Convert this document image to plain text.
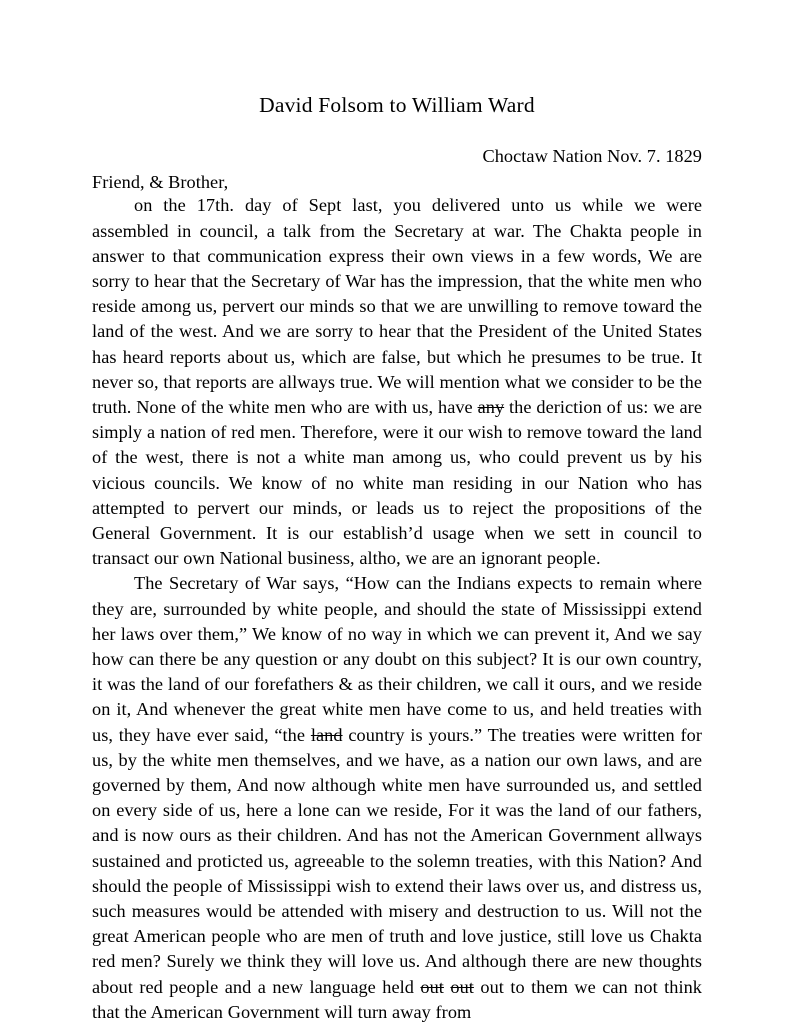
David Folsom to William Ward
Choctaw Nation Nov. 7. 1829
Friend, & Brother,

on the 17th. day of Sept last, you delivered unto us while we were assembled in council, a talk from the Secretary at war. The Chakta people in answer to that communication express their own views in a few words, We are sorry to hear that the Secretary of War has the impression, that the white men who reside among us, pervert our minds so that we are unwilling to remove toward the land of the west. And we are sorry to hear that the President of the United States has heard reports about us, which are false, but which he presumes to be true. It never so, that reports are allways true. We will mention what we consider to be the truth. None of the white men who are with us, have any the deriction of us: we are simply a nation of red men. Therefore, were it our wish to remove toward the land of the west, there is not a white man among us, who could prevent us by his vicious councils. We know of no white man residing in our Nation who has attempted to pervert our minds, or leads us to reject the propositions of the General Government. It is our establish’d usage when we sett in council to transact our own National business, altho, we are an ignorant people.

The Secretary of War says, “How can the Indians expects to remain where they are, surrounded by white people, and should the state of Mississippi extend her laws over them,” We know of no way in which we can prevent it, And we say how can there be any question or any doubt on this subject? It is our own country, it was the land of our forefathers & as their children, we call it ours, and we reside on it, And whenever the great white men have come to us, and held treaties with us, they have ever said, “the land country is yours.” The treaties were written for us, by the white men themselves, and we have, as a nation our own laws, and are governed by them, And now although white men have surrounded us, and settled on every side of us, here a lone can we reside, For it was the land of our fathers, and is now ours as their children. And has not the American Government allways sustained and proticted us, agreeable to the solemn treaties, with this Nation? And should the people of Mississippi wish to extend their laws over us, and distress us, such measures would be attended with misery and destruction to us. Will not the great American people who are men of truth and love justice, still love us Chakta red men? Surely we think they will love us. And although there are new thoughts about red people and a new language held out out out to them we can not think that the American Government will turn away from
